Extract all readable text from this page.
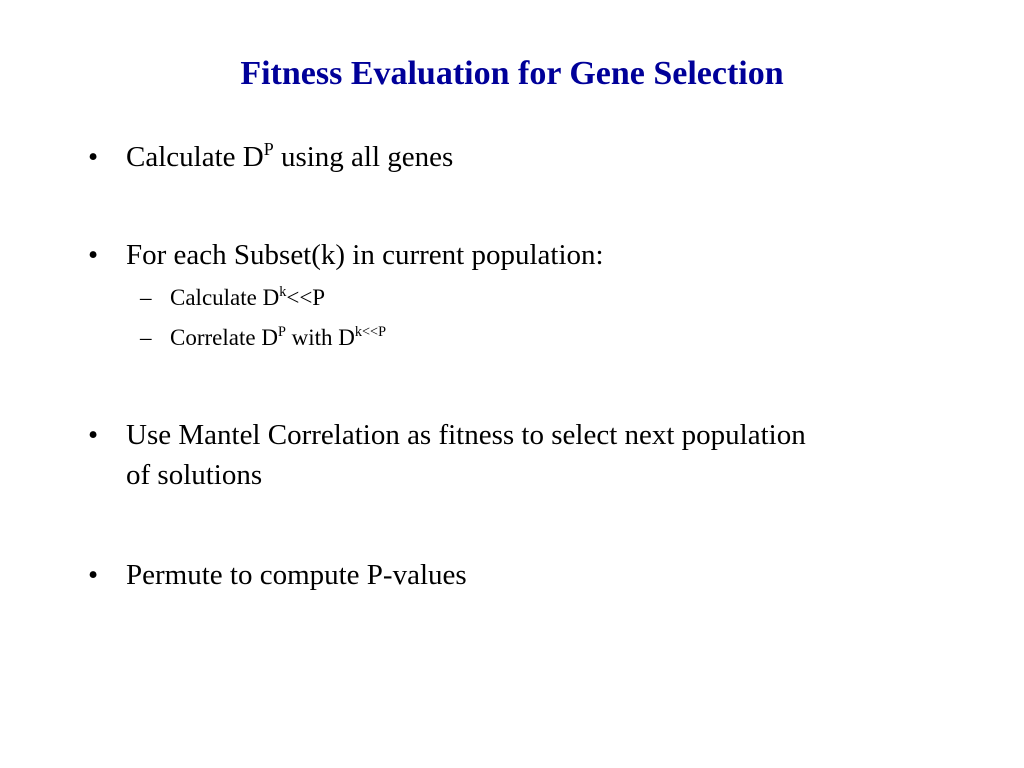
Fitness Evaluation for Gene Selection
• Calculate $D^P$ using all genes
• For each Subset(k) in current population:
– Calculate $D^k<<P$
– Correlate $D^P$ with $D^{k<<P}$
• Use Mantel Correlation as fitness to select next population
of solutions
• Permute to compute P-values
